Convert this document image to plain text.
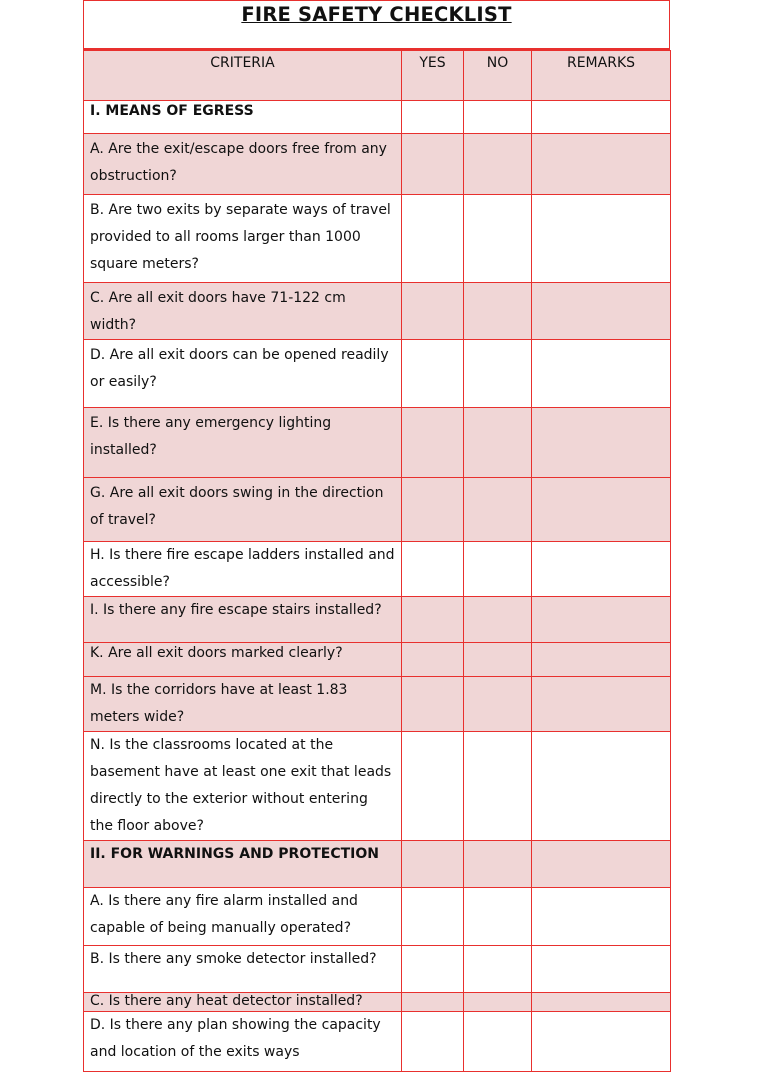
FIRE SAFETY CHECKLIST
CRITERIA	YES	NO	REMARKS
I. MEANS OF EGRESS			
A. Are the exit/escape doors free from any obstruction?			
B. Are two exits by separate ways of travel provided to all rooms larger than 1000 square meters?			
C. Are all exit doors have 71-122 cm width?			
D. Are all exit doors can be opened readily or easily?			
E. Is there any emergency lighting installed?			
G. Are all exit doors swing in the direction of travel?			
H. Is there fire escape ladders installed and accessible?			
I. Is there any fire escape stairs installed?			
K. Are all exit doors marked clearly?			
M. Is the corridors have at least 1.83 meters wide?			
N. Is the classrooms located at the basement have at least one exit that leads directly to the exterior without entering the floor above?			
II. FOR WARNINGS AND PROTECTION			
A. Is there any fire alarm installed and capable of being manually operated?			
B. Is there any smoke detector installed?			
C. Is there any heat detector installed?			
D. Is there any plan showing the capacity and location of the exits ways			
